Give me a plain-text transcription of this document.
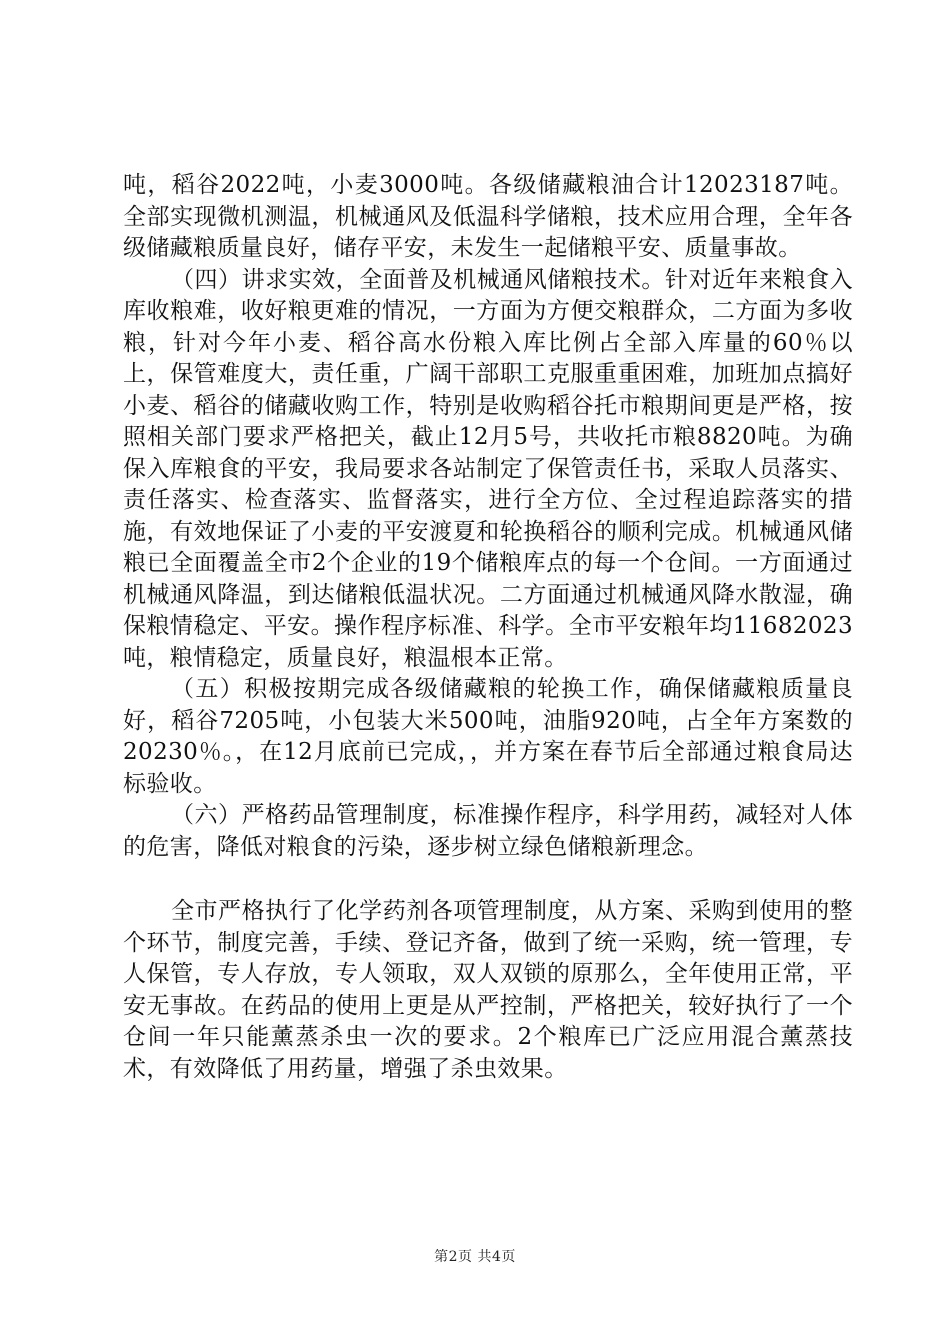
吨，稻谷2022吨，小麦3000吨。各级储藏粮油合计12023187吨。全部实现微机测温，机械通风及低温科学储粮，技术应用合理，全年各级储藏粮质量良好，储存平安，未发生一起储粮平安、质量事故。

（四）讲求实效，全面普及机械通风储粮技术。针对近年来粮食入库收粮难，收好粮更难的情况，一方面为方便交粮群众，二方面为多收粮，针对今年小麦、稻谷高水份粮入库比例占全部入库量的60％以上，保管难度大，责任重，广阔干部职工克服重重困难，加班加点搞好小麦、稻谷的储藏收购工作，特别是收购稻谷托市粮期间更是严格，按照相关部门要求严格把关，截止12月5号，共收托市粮8820吨。为确保入库粮食的平安，我局要求各站制定了保管责任书，采取人员落实、责任落实、检查落实、监督落实，进行全方位、全过程追踪落实的措施，有效地保证了小麦的平安渡夏和轮换稻谷的顺利完成。机械通风储粮已全面覆盖全市2个企业的19个储粮库点的每一个仓间。一方面通过机械通风降温，到达储粮低温状况。二方面通过机械通风降水散湿，确保粮情稳定、平安。操作程序标准、科学。全市平安粮年均11682023吨，粮情稳定，质量良好，粮温根本正常。

（五）积极按期完成各级储藏粮的轮换工作，确保储藏粮质量良好，稻谷7205吨，小包装大米500吨，油脂920吨，占全年方案数的20230％。，在12月底前已完成，，并方案在春节后全部通过粮食局达标验收。

（六）严格药品管理制度，标准操作程序，科学用药，减轻对人体的危害，降低对粮食的污染，逐步树立绿色储粮新理念。

全市严格执行了化学药剂各项管理制度，从方案、采购到使用的整个环节，制度完善，手续、登记齐备，做到了统一采购，统一管理，专人保管，专人存放，专人领取，双人双锁的原那么，全年使用正常，平安无事故。在药品的使用上更是从严控制，严格把关，较好执行了一个仓间一年只能薰蒸杀虫一次的要求。2个粮库已广泛应用混合薰蒸技术，有效降低了用药量，增强了杀虫效果。

第2页 共4页
